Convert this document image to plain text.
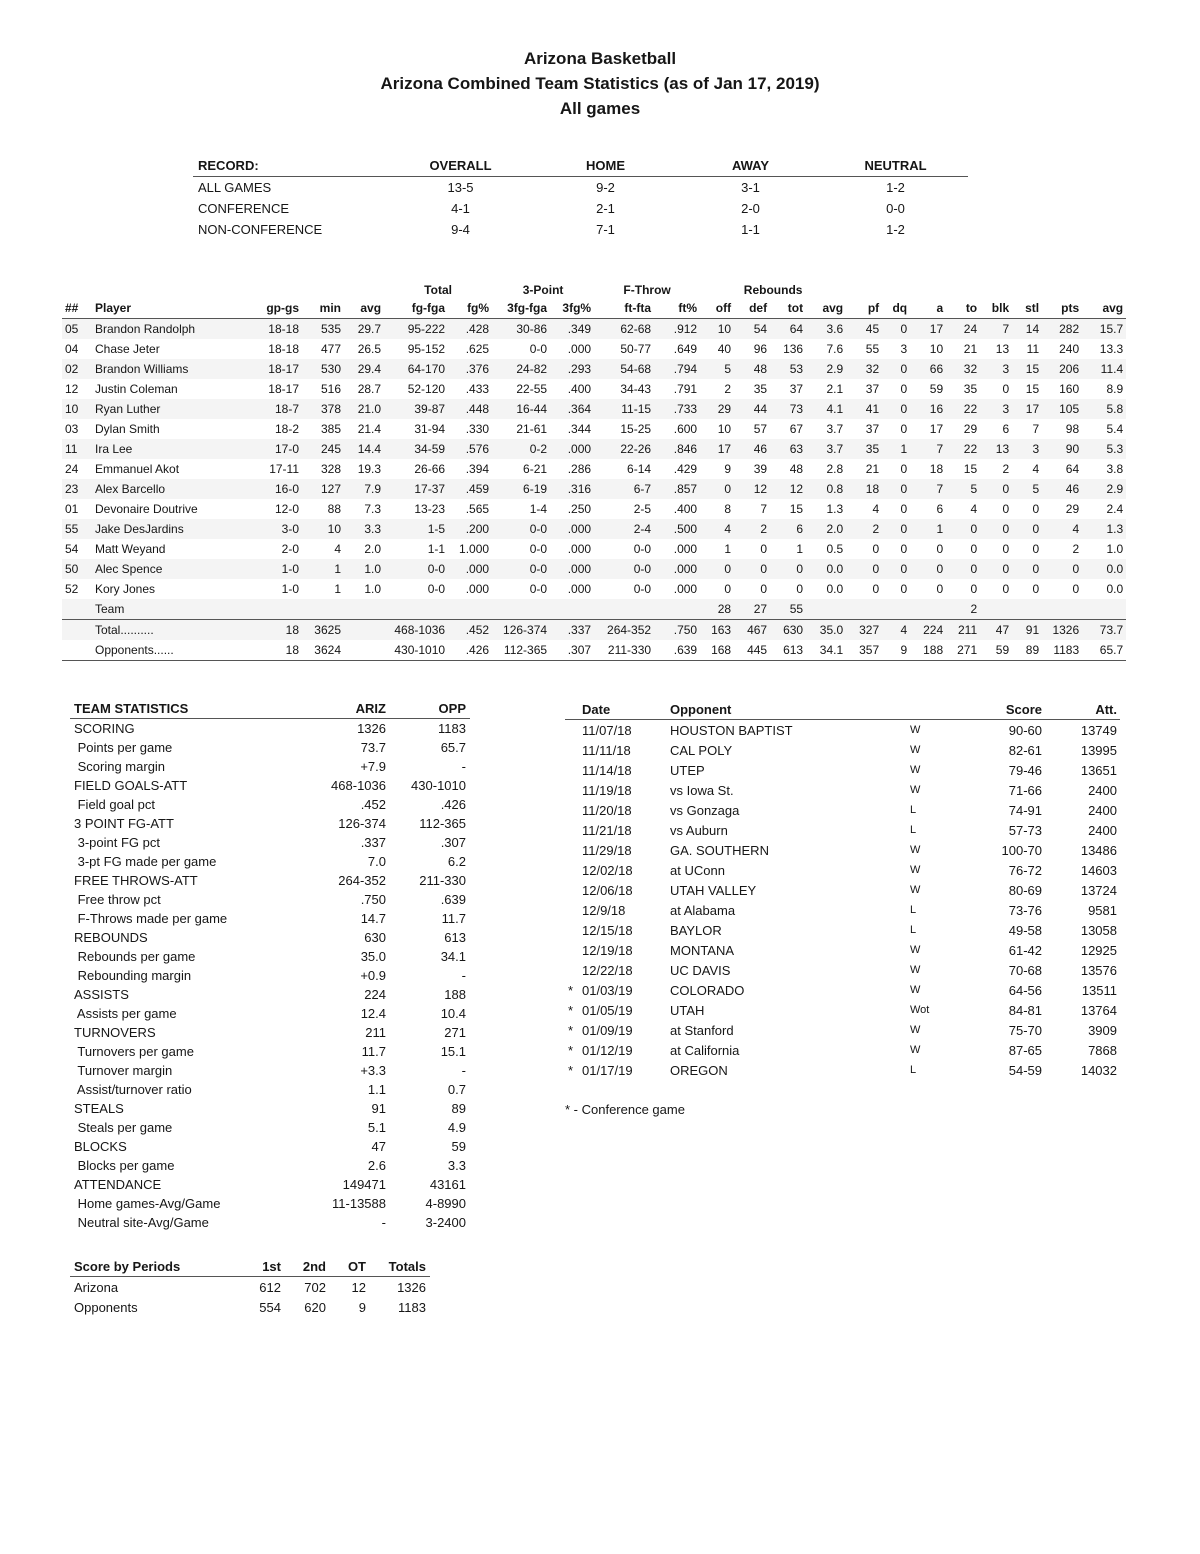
Arizona Basketball
Arizona Combined Team Statistics (as of Jan 17, 2019)
All games
RECORD:	OVERALL	HOME	AWAY	NEUTRAL
ALL GAMES	13-5	9-2	3-1	1-2
CONFERENCE	4-1	2-1	2-0	0-0
NON-CONFERENCE	9-4	7-1	1-1	1-2
					Total		3-Point		F-Throw		Rebounds											
##	Player	gp-gs	min	avg	fg-fga	fg%	3fg-fga	3fg%	ft-fta	ft%	off	def	tot	avg	pf	dq	a	to	blk	stl	pts	avg
05	Brandon Randolph	18-18	535	29.7	95-222	.428	30-86	.349	62-68	.912	10	54	64	3.6	45	0	17	24	7	14	282	15.7
04	Chase Jeter	18-18	477	26.5	95-152	.625	0-0	.000	50-77	.649	40	96	136	7.6	55	3	10	21	13	11	240	13.3
02	Brandon Williams	18-17	530	29.4	64-170	.376	24-82	.293	54-68	.794	5	48	53	2.9	32	0	66	32	3	15	206	11.4
12	Justin Coleman	18-17	516	28.7	52-120	.433	22-55	.400	34-43	.791	2	35	37	2.1	37	0	59	35	0	15	160	8.9
10	Ryan Luther	18-7	378	21.0	39-87	.448	16-44	.364	11-15	.733	29	44	73	4.1	41	0	16	22	3	17	105	5.8
03	Dylan Smith	18-2	385	21.4	31-94	.330	21-61	.344	15-25	.600	10	57	67	3.7	37	0	17	29	6	7	98	5.4
11	Ira Lee	17-0	245	14.4	34-59	.576	0-2	.000	22-26	.846	17	46	63	3.7	35	1	7	22	13	3	90	5.3
24	Emmanuel Akot	17-11	328	19.3	26-66	.394	6-21	.286	6-14	.429	9	39	48	2.8	21	0	18	15	2	4	64	3.8
23	Alex Barcello	16-0	127	7.9	17-37	.459	6-19	.316	6-7	.857	0	12	12	0.8	18	0	7	5	0	5	46	2.9
01	Devonaire Doutrive	12-0	88	7.3	13-23	.565	1-4	.250	2-5	.400	8	7	15	1.3	4	0	6	4	0	0	29	2.4
55	Jake DesJardins	3-0	10	3.3	1-5	.200	0-0	.000	2-4	.500	4	2	6	2.0	2	0	1	0	0	0	4	1.3
54	Matt Weyand	2-0	4	2.0	1-1	1.000	0-0	.000	0-0	.000	1	0	1	0.5	0	0	0	0	0	0	2	1.0
50	Alec Spence	1-0	1	1.0	0-0	.000	0-0	.000	0-0	.000	0	0	0	0.0	0	0	0	0	0	0	0	0.0
52	Kory Jones	1-0	1	1.0	0-0	.000	0-0	.000	0-0	.000	0	0	0	0.0	0	0	0	0	0	0	0	0.0
	Team										28	27	55					2				
	Total..........	18	3625		468-1036	.452	126-374	.337	264-352	.750	163	467	630	35.0	327	4	224	211	47	91	1326	73.7
	Opponents......	18	3624		430-1010	.426	112-365	.307	211-330	.639	168	445	613	34.1	357	9	188	271	59	89	1183	65.7
TEAM STATISTICS	ARIZ	OPP
SCORING	1326	1183
Points per game	73.7	65.7
Scoring margin	+7.9	-
FIELD GOALS-ATT	468-1036	430-1010
Field goal pct	.452	.426
3 POINT FG-ATT	126-374	112-365
3-point FG pct	.337	.307
3-pt FG made per game	7.0	6.2
FREE THROWS-ATT	264-352	211-330
Free throw pct	.750	.639
F-Throws made per game	14.7	11.7
REBOUNDS	630	613
Rebounds per game	35.0	34.1
Rebounding margin	+0.9	-
ASSISTS	224	188
Assists per game	12.4	10.4
TURNOVERS	211	271
Turnovers per game	11.7	15.1
Turnover margin	+3.3	-
Assist/turnover ratio	1.1	0.7
STEALS	91	89
Steals per game	5.1	4.9
BLOCKS	47	59
Blocks per game	2.6	3.3
ATTENDANCE	149471	43161
Home games-Avg/Game	11-13588	4-8990
Neutral site-Avg/Game	-	3-2400
Score by Periods	1st	2nd	OT	Totals
Arizona	612	702	12	1326
Opponents	554	620	9	1183
	Date	Opponent		Score	Att.
	11/07/18	HOUSTON BAPTIST	W	90-60	13749
	11/11/18	CAL POLY	W	82-61	13995
	11/14/18	UTEP	W	79-46	13651
	11/19/18	vs Iowa St.	W	71-66	2400
	11/20/18	vs Gonzaga	L	74-91	2400
	11/21/18	vs Auburn	L	57-73	2400
	11/29/18	GA. SOUTHERN	W	100-70	13486
	12/02/18	at UConn	W	76-72	14603
	12/06/18	UTAH VALLEY	W	80-69	13724
	12/9/18	at Alabama	L	73-76	9581
	12/15/18	BAYLOR	L	49-58	13058
	12/19/18	MONTANA	W	61-42	12925
	12/22/18	UC DAVIS	W	70-68	13576
*	01/03/19	COLORADO	W	64-56	13511
*	01/05/19	UTAH	Wot	84-81	13764
*	01/09/19	at Stanford	W	75-70	3909
*	01/12/19	at California	W	87-65	7868
*	01/17/19	OREGON	L	54-59	14032
* - Conference game
